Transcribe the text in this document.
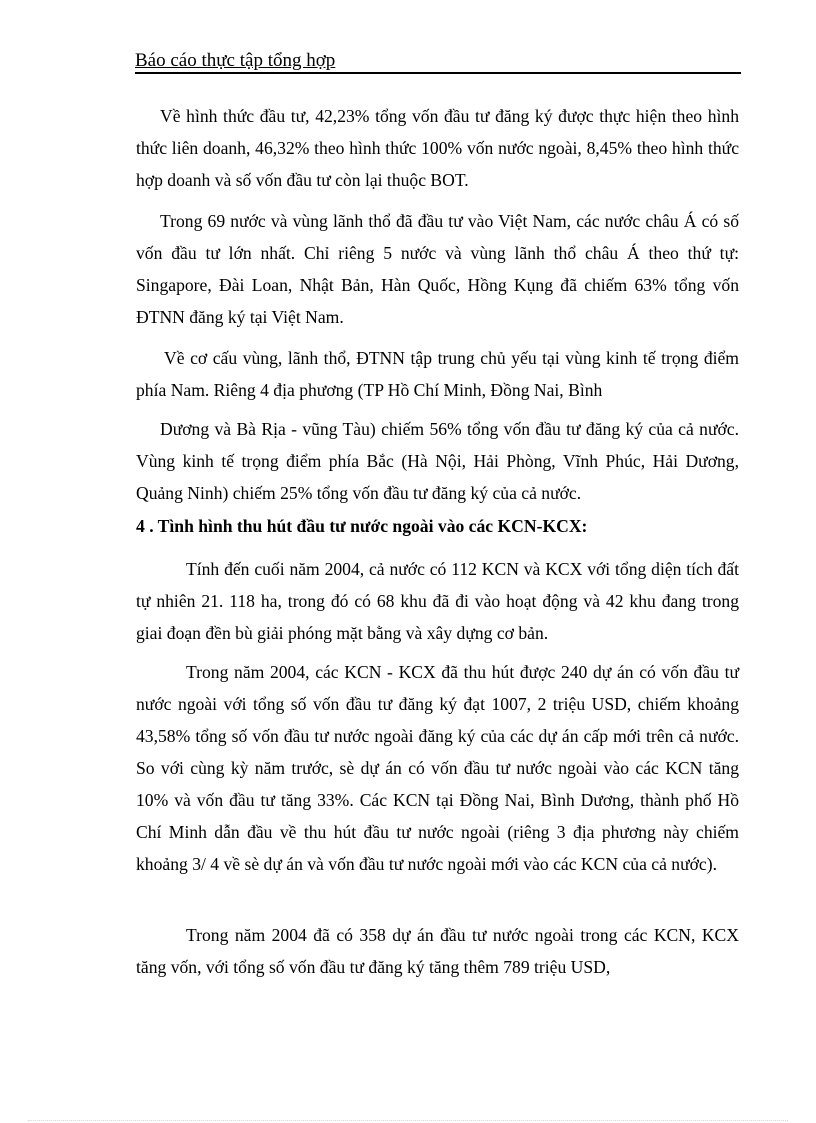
Báo cáo thực tập tổng hợp

Về hình thức đầu tư, 42,23% tổng vốn đầu tư đăng ký được thực hiện theo hình thức liên doanh, 46,32% theo hình thức 100% vốn nước ngoài, 8,45% theo hình thức hợp doanh và số vốn đầu tư còn lại thuộc BOT.

Trong 69 nước và vùng lãnh thổ đã đầu tư vào Việt Nam, các nước châu Á có số vốn đầu tư lớn nhất. Chỉ riêng 5 nước và vùng lãnh thổ châu Á theo thứ tự: Singapore, Đài Loan, Nhật Bản, Hàn Quốc, Hồng Kụng đã chiếm 63% tổng vốn ĐTNN đăng ký tại Việt Nam.

Về cơ cấu vùng, lãnh thổ, ĐTNN tập trung chủ yếu tại vùng kinh tế trọng điểm phía Nam. Riêng 4 địa phương (TP Hồ Chí Minh, Đồng Nai, Bình

Dương và Bà Rịa - vũng Tàu) chiếm 56% tổng vốn đầu tư đăng ký của cả nước. Vùng kinh tế trọng điểm phía Bắc (Hà Nội, Hải Phòng, Vĩnh Phúc, Hải Dương, Quảng Ninh) chiếm 25% tổng vốn đầu tư đăng ký của cả nước.

4 . Tình hình thu hút đầu tư nước ngoài vào các KCN-KCX:

Tính đến cuối năm 2004, cả nước có 112 KCN và KCX với tổng diện tích đất tự nhiên 21. 118 ha, trong đó có 68 khu đã đi vào hoạt động và 42 khu đang trong giai đoạn đền bù giải phóng mặt bằng và xây dựng cơ bản.

Trong năm 2004, các KCN - KCX đã thu hút được 240 dự án có vốn đầu tư nước ngoài với tổng số vốn đầu tư đăng ký đạt 1007, 2 triệu USD, chiếm khoảng 43,58% tổng số vốn đầu tư nước ngoài đăng ký của các dự án cấp mới trên cả nước. So với cùng kỳ năm trước, sè dự án có vốn đầu tư nước ngoài vào các KCN tăng 10% và vốn đầu tư tăng 33%. Các KCN tại Đồng Nai, Bình Dương, thành phố Hồ Chí Minh dẫn đầu về thu hút đầu tư nước ngoài (riêng 3 địa phương này chiếm khoảng 3/ 4 về sè dự án và vốn đầu tư nước ngoài mới vào các KCN của cả nước).

Trong năm 2004 đã có 358 dự án đầu tư nước ngoài trong các KCN, KCX tăng vốn, với tổng số vốn đầu tư đăng ký tăng thêm 789 triệu USD,
